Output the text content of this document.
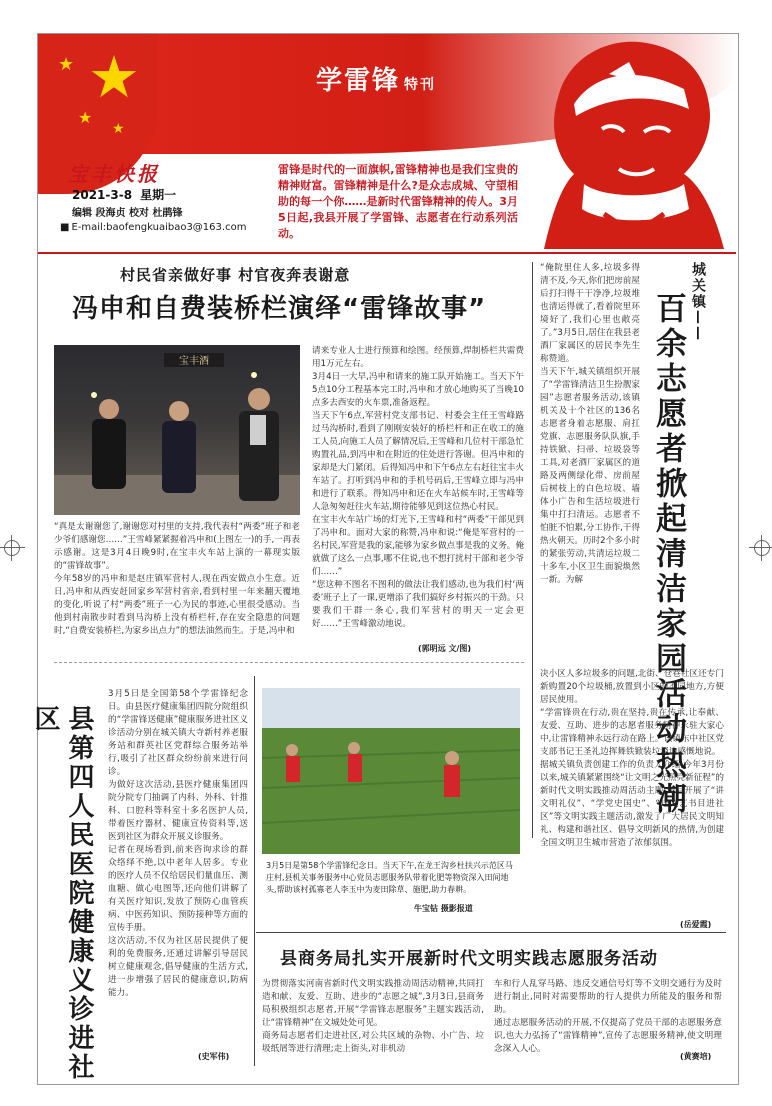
★
★
★
★
学雷锋 特刊
宝丰快报
2021-3-8 星期一
编辑 段海贞 校对 杜鹃锋
■ E-mail:baofengkuaibao3@163.com
雷锋是时代的一面旗帜,雷锋精神也是我们宝贵的精神财富。雷锋精神是什么?是众志成城、守望相助的每一个你……是新时代雷锋精神的传人。3月5日起,我县开展了学雷锋、志愿者在行动系列活动。
村民省亲做好事 村官夜奔表谢意
冯申和自费装桥栏演绎“雷锋故事”
宝丰酒
“真是太谢谢您了,谢谢您对村里的支持,我代表村“两委”班子和老少爷们感谢您……”王雪峰紧紧握着冯申和(上图左一)的手,一再表示感谢。这是3月4日晚9时,在宝丰火车站上演的一幕现实版的“雷锋故事”。
今年58岁的冯申和是赵庄镇军营村人,现在西安做点小生意。近日,冯申和从西安赶回家乡军营村省亲,看到村里一年来翻天覆地的变化,听说了村“两委”班子一心为民的事迹,心里很受感动。当他到村南散步时看到马沟桥上没有桥栏杆,存在安全隐患的问题时,“自费安装桥栏,为家乡出点力”的想法油然而生。于是,冯申和
请来专业人士进行预算和绘图。经预算,焊制桥栏共需费用1万元左右。
3月4日一大早,冯申和请来的施工队开始施工。当天下午5点10分工程基本完工时,冯申和才放心地购买了当晚10点多去西安的火车票,准备返程。
当天下午6点,军营村党支部书记、村委会主任王雪峰路过马沟桥时,看到了刚刚安装好的桥栏杆和正在收工的施工人员,向施工人员了解情况后,王雪峰和几位村干部急忙购置礼品,到冯申和在附近的住处进行答谢。但冯申和的家却是大门紧闭。后得知冯申和下午6点左右赶往宝丰火车站了。打听到冯申和的手机号码后,王雪峰立即与冯申和进行了联系。得知冯申和还在火车站候车时,王雪峰等人急匆匆赶往火车站,期待能够见到这位热心村民。
在宝丰火车站广场的灯光下,王雪峰和村“两委”干部见到了冯申和。面对大家的称赞,冯申和说:“俺是军营村的一名村民,军营是我的家,能够为家乡做点事是我的义务。俺就做了这么一点事,哪不住说,也不想打扰村干部和老少爷们……”
“您这种不图名不图利的做法让我们感动,也为我们村‘两委’班子上了一课,更增添了我们搞好乡村振兴的干劲。只要我们干群一条心,我们军营村的明天一定会更好……”王雪峰激动地说。
(郭明远 文/图)
城关镇——
百余志愿者掀起清洁家园活动热潮
“俺院里住人多,垃圾多得清不及,今天,你们把房前屋后打扫得干干净净,垃圾堆也清运得就了,看着院里环境好了,我们心里也敞亮了。”3月5日,居住在我县老酒厂家属区的居民李先生称赞道。
当天下午,城关镇组织开展了“学雷锋清洁卫生扮靓家园”志愿者服务活动,该镇机关及十个社区的136名志愿者身着志愿服、肩扛党旗、志愿服务队队旗,手持铁锨、扫帚、垃圾袋等工具,对老酒厂家属区的道路及两侧绿化带、房前屋后树枝上的白色垃圾、墙体小广告和生活垃圾进行集中打扫清运。志愿者不怕脏不怕累,分工协作,干得热火朝天。历时2个多小时的紧张劳动,共清运垃圾二十多车,小区卫生面貌焕然一新。为解
决小区人多垃圾多的问题,北街、仓巷社区还专门新购置20个垃圾桶,放置到小区的不同地方,方便居民使用。
“学雷锋贵在行动,贵在坚持,贵在传承,让奉献、友爱、互助、进步的志愿者服务精神永驻大家心中,让雷锋精神永远行动在路上。”该镇东中社区党支部书记王圣礼边挥舞铁锨装垃圾边感慨地说。
据城关镇负责创建工作的负责人介绍,今年3月份以来,城关镇紧紧围绕“让文明之光照亮新征程”的新时代文明实践推动周活动主题,先后开展了“讲文明礼仪”、“学党史国史”、“送文艺书目进社区”等文明实践主题活动,激发了广大居民文明知礼、构建和谐社区、倡导文明新风的热情,为创建全国文明卫生城市营造了浓郁氛围。
(岳爱霞)
县第四人民医院健康义诊进社区
3月5日是全国第58个学雷锋纪念日。由县医疗健康集团四院分院组织的“学雷锋送健康”健康服务进社区义诊活动分别在城关镇大寺新村养老服务站和群英社区党群综合服务站举行,吸引了社区群众纷纷前来进行问诊。
为做好这次活动,县医疗健康集团四院分院专门抽调了内科、外科、针推科、口腔科等科室十多名医护人员,带着医疗器材、健康宣传资料等,送医到社区为群众开展义诊服务。
记者在现场看到,前来咨询求诊的群众络绎不绝,以中老年人居多。专业的医疗人员不仅给居民们量血压、测血糖、做心电图等,还向他们讲解了有关医疗知识,发放了预防心血管疾病、中医药知识、预防接种等方面的宣传手册。
这次活动,不仅为社区居民提供了便利的免费服务,还通过讲解引导居民树立健康观念,倡导健康的生活方式,进一步增强了居民的健康意识,防病能力。
(史军伟)
3月5日是第58个学雷锋纪念日。当天下午,在龙王沟乡杜扶兴示范区马庄村,县机关事务服务中心党员志愿服务队带着化肥等物资深入田间地头,帮助该村孤寡老人李玉中为麦田除草、施肥,助力春耕。
牛宝钻 摄影报道
县商务局扎实开展新时代文明实践志愿服务活动
为贯彻落实河南省新时代文明实践推动周活动精神,共同打造和献、友爱、互助、进步的“志愿之城”,3月3日,县商务局积极组织志愿者,开展“学雷锋志愿服务”主题实践活动,让“雷锋精神”在文城处处可见。
商务局志愿者们走进社区,对公共区域的杂物、小广告、垃圾纸屑等进行清理;走上街头,对非机动
车和行人乱穿马路、违反交通信号灯等不文明交通行为及时进行制止,同时对需要帮助的行人提供力所能及的服务和帮助。
通过志愿服务活动的开展,不仅提高了党员干部的志愿服务意识,也大力弘扬了“雷锋精神”,宣传了志愿服务精神,使文明理念深入人心。
(黄赛培)
